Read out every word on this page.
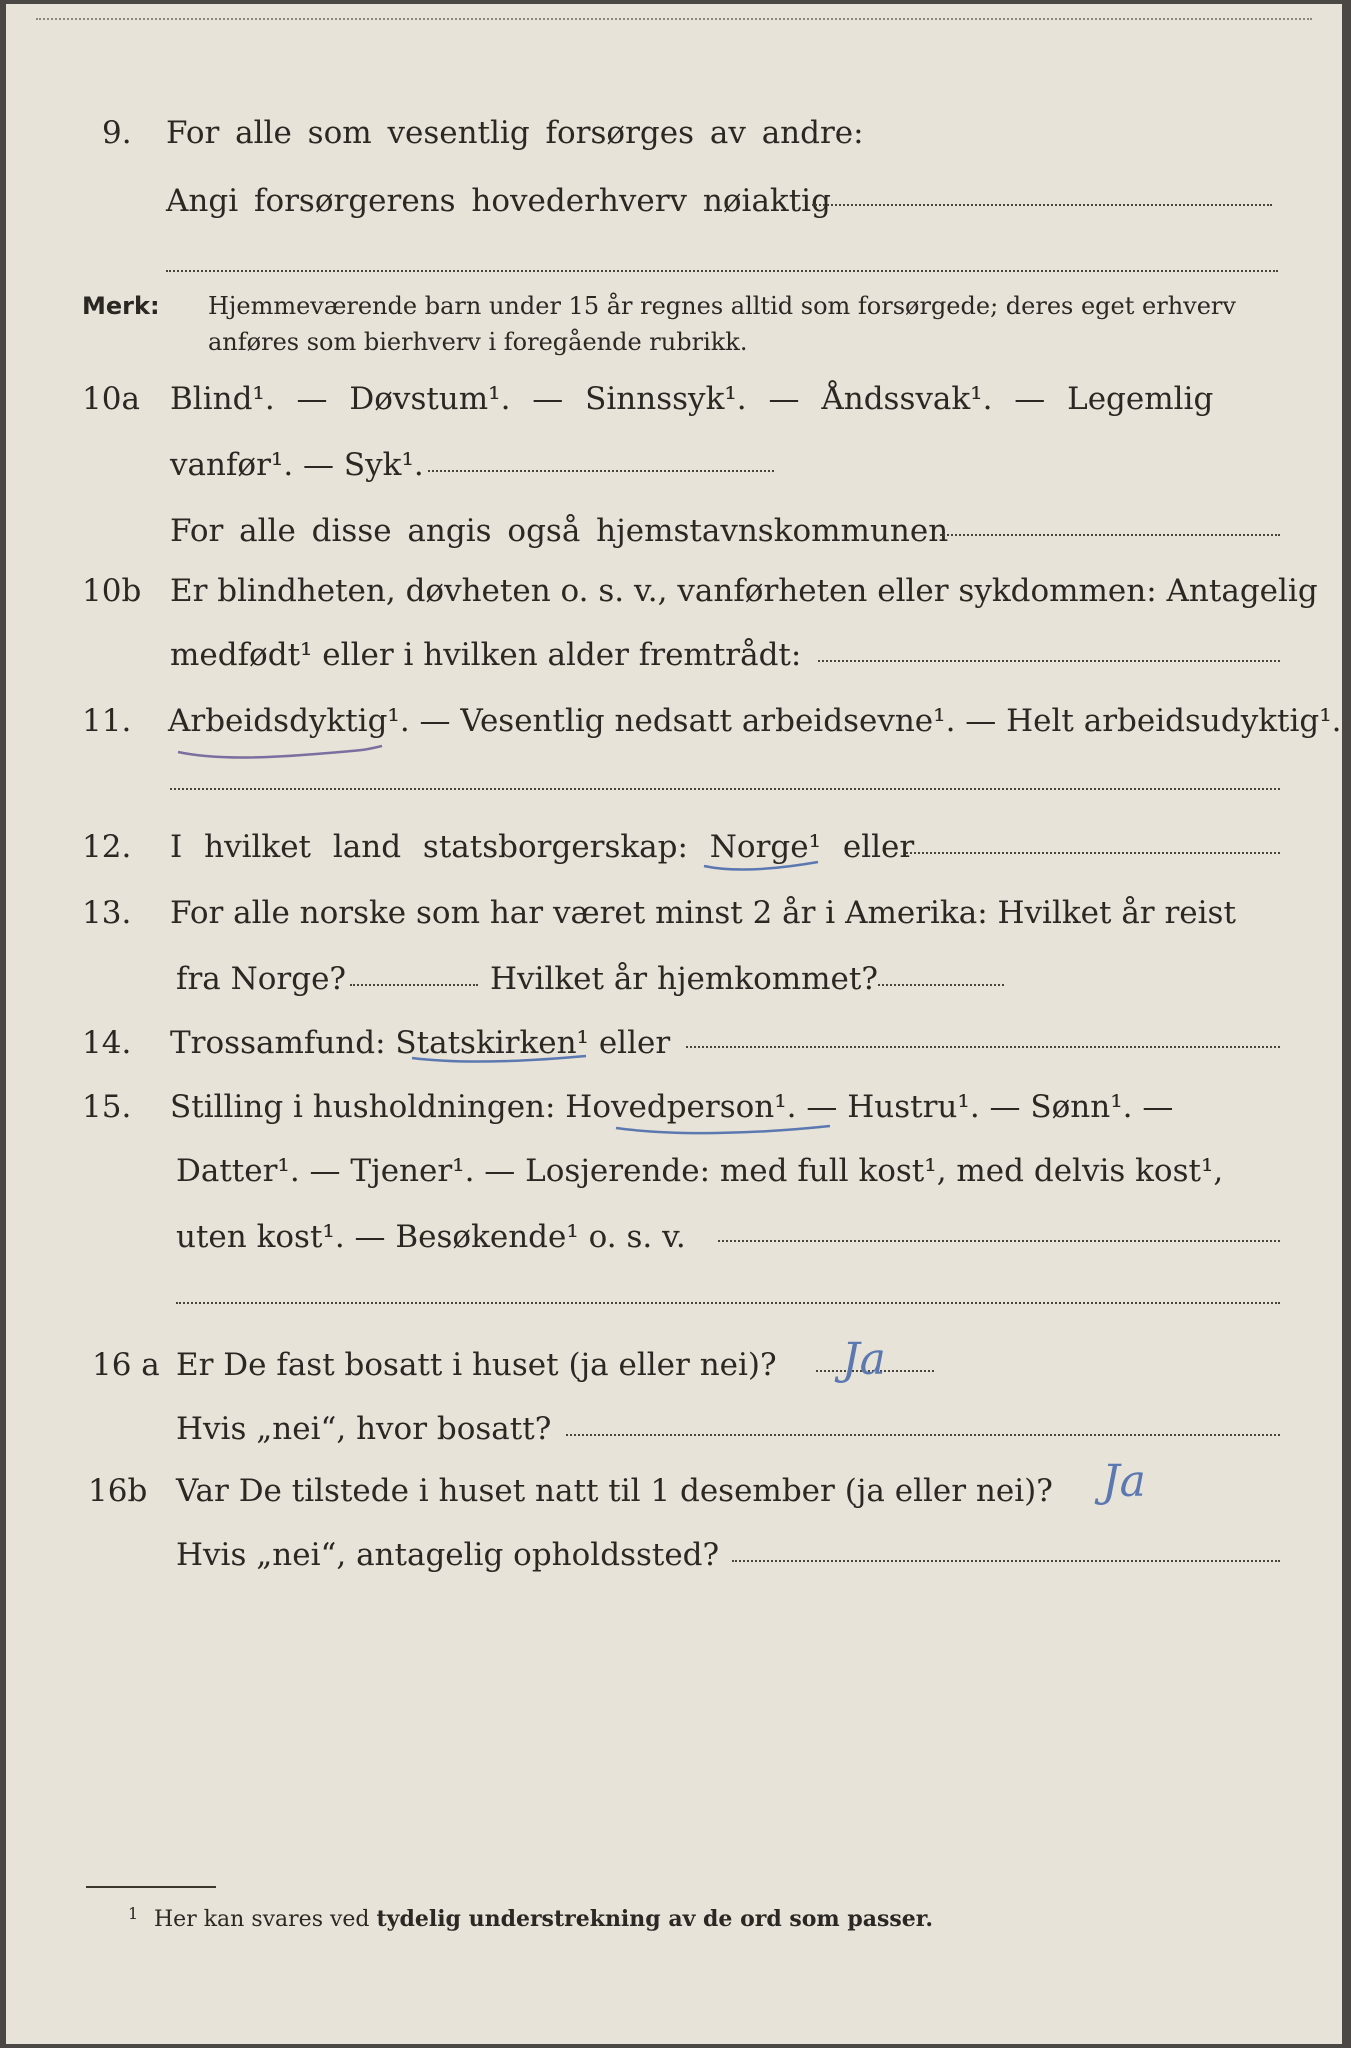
9. For alle som vesentlig forsørges av andre:
Angi forsørgerens hovederhverv nøiaktig
Merk: Hjemmeværende barn under 15 år regnes alltid som forsørgede; deres eget erhverv
anføres som bierhverv i foregående rubrikk.
10a Blind¹. — Døvstum¹. — Sinnssyk¹. — Åndssvak¹. — Legemlig
vanfør¹. — Syk¹.
For alle disse angis også hjemstavnskommunen
10b Er blindheten, døvheten o. s. v., vanførheten eller sykdommen: Antagelig
medfødt¹ eller i hvilken alder fremtrådt:
11. Arbeidsdyktig¹. — Vesentlig nedsatt arbeidsevne¹. — Helt arbeidsudyktig¹.
12. I hvilket land statsborgerskap: Norge¹ eller
13. For alle norske som har været minst 2 år i Amerika: Hvilket år reist
fra Norge?	Hvilket år hjemkommet?
14. Trossamfund: Statskirken¹ eller
15. Stilling i husholdningen: Hovedperson¹. — Hustru¹. — Sønn¹. —
Datter¹. — Tjener¹. — Losjerende: med full kost¹, med delvis kost¹,
uten kost¹. — Besøkende¹ o. s. v.
16 a Er De fast bosatt i huset (ja eller nei)? Ja
Hvis „nei“, hvor bosatt?
16b Var De tilstede i huset natt til 1 desember (ja eller nei)? Ja
Hvis „nei“, antagelig opholdssted?
1 Her kan svares ved tydelig understrekning av de ord som passer.
